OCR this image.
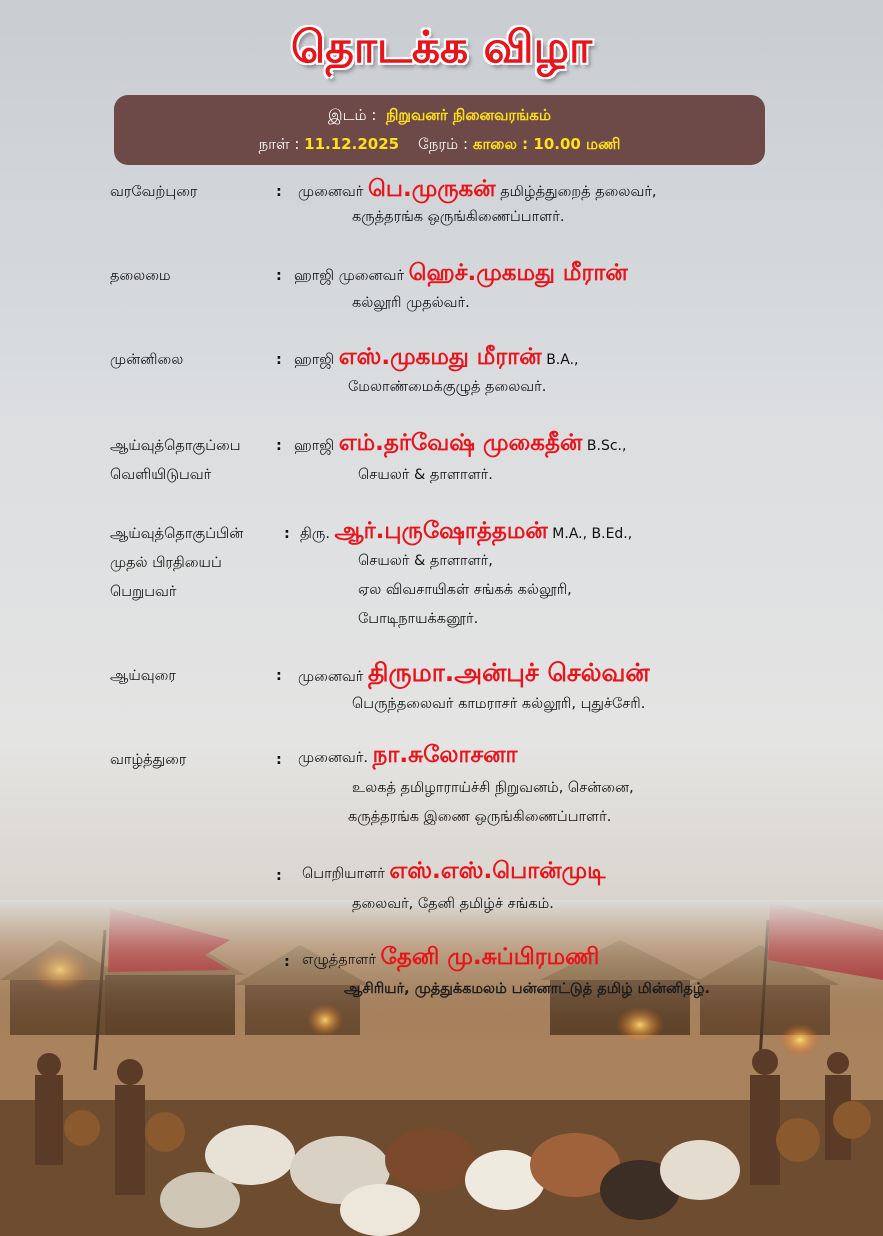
தொடக்க விழா
இடம் : நிறுவனர் நினைவரங்கம்
நாள் : 11.12.2025 நேரம் : காலை : 10.00 மணி
வரவேற்புரை	: முனைவர் பெ.முருகன் தமிழ்த்துறைத் தலைவர்,
கருத்தரங்க ஒருங்கிணைப்பாளர்.
தலைமை	: ஹாஜி முனைவர் ஹெச்.முகமது மீரான்
கல்லூரி முதல்வர்.
முன்னிலை	: ஹாஜி எஸ்.முகமது மீரான் B.A.,
மேலாண்மைக்குழுத் தலைவர்.
ஆய்வுத்தொகுப்பை
வெளியிடுபவர்
: ஹாஜி எம்.தர்வேஷ் முகைதீன் B.Sc.,
செயலர் & தாளாளர்.
ஆய்வுத்தொகுப்பின்
முதல் பிரதியைப்
பெறுபவர்
: திரு. ஆர்.புருஷோத்தமன் M.A., B.Ed.,
செயலர் & தாளாளர்,
ஏல விவசாயிகள் சங்கக் கல்லூரி,
போடிநாயக்கனூர்.
ஆய்வுரை	: முனைவர் திருமா.அன்புச் செல்வன்
பெருந்தலைவர் காமராசர் கல்லூரி, புதுச்சேரி.
வாழ்த்துரை	: முனைவர். நா.சுலோசனா
உலகத் தமிழாராய்ச்சி நிறுவனம், சென்னை,
கருத்தரங்க இணை ஒருங்கிணைப்பாளர்.
: பொறியாளர் எஸ்.எஸ்.பொன்முடி
தலைவர், தேனி தமிழ்ச் சங்கம்.
: எழுத்தாளர் தேனி மு.சுப்பிரமணி
ஆசிரியர், முத்துக்கமலம் பன்னாட்டுத் தமிழ் மின்னிதழ்.
